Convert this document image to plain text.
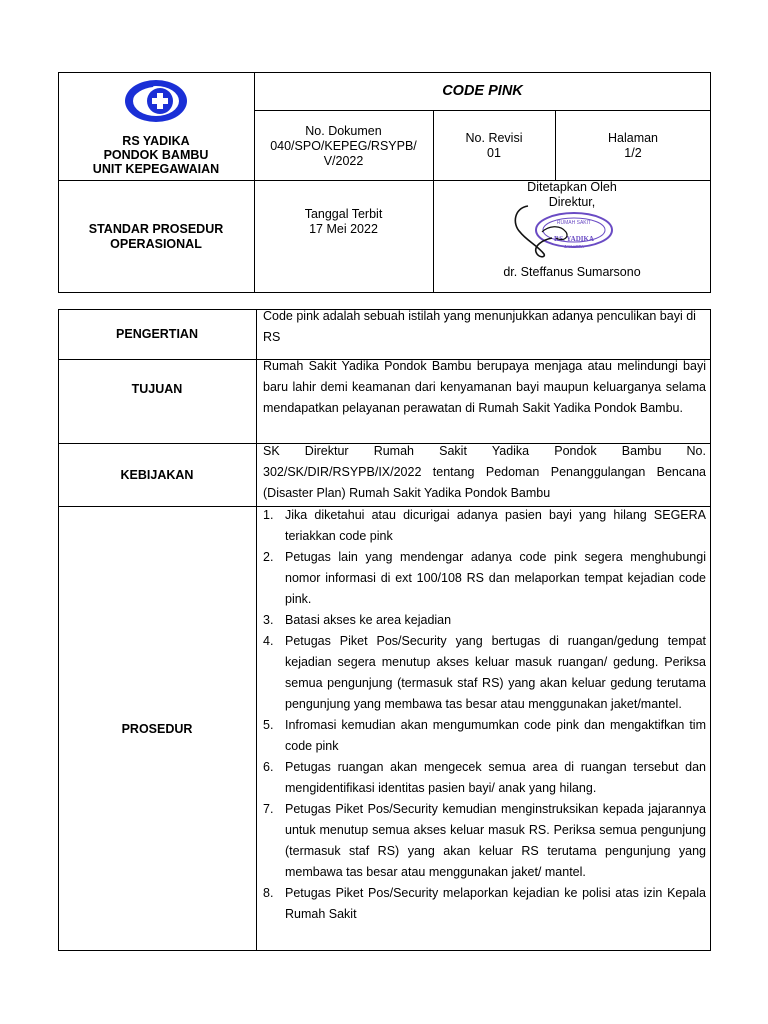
RS YADIKA
PONDOK BAMBU
UNIT KEPEGAWAIAN
CODE PINK
No. Dokumen
040/SPO/KEPEG/RSYPB/
V/2022
No. Revisi
01
Halaman
1/2
STANDAR PROSEDUR
OPERASIONAL
Tanggal Terbit
17 Mei 2022
Ditetapkan Oleh
Direktur,
RUMAH SAKIT
RS. YADIKA
JAKARTA
dr. Steffanus Sumarsono
PENGERTIAN
Code pink adalah sebuah istilah yang menunjukkan adanya penculikan bayi di RS
TUJUAN
Rumah Sakit Yadika Pondok Bambu berupaya menjaga atau melindungi bayi baru lahir demi keamanan dari kenyamanan bayi maupun keluarganya selama mendapatkan pelayanan perawatan di Rumah Sakit Yadika Pondok Bambu.
KEBIJAKAN
SK Direktur Rumah Sakit Yadika Pondok Bambu No. 302/SK/DIR/RSYPB/IX/2022 tentang Pedoman Penanggulangan Bencana (Disaster Plan) Rumah Sakit Yadika Pondok Bambu
PROSEDUR
1. Jika diketahui atau dicurigai adanya pasien bayi yang hilang SEGERA teriakkan code pink
2. Petugas lain yang mendengar adanya code pink segera menghubungi nomor informasi di ext 100/108 RS dan melaporkan tempat kejadian code pink.
3. Batasi akses ke area kejadian
4. Petugas Piket Pos/Security yang bertugas di ruangan/gedung tempat kejadian segera menutup akses keluar masuk ruangan/ gedung. Periksa semua pengunjung (termasuk staf RS) yang akan keluar gedung terutama pengunjung yang membawa tas besar atau menggunakan jaket/mantel.
5. Infromasi kemudian akan mengumumkan code pink dan mengaktifkan tim code pink
6. Petugas ruangan akan mengecek semua area di ruangan tersebut dan mengidentifikasi identitas pasien bayi/ anak yang hilang.
7. Petugas Piket Pos/Security kemudian menginstruksikan kepada jajarannya untuk menutup semua akses keluar masuk RS. Periksa semua pengunjung (termasuk staf RS) yang akan keluar RS terutama pengunjung yang membawa tas besar atau menggunakan jaket/ mantel.
8. Petugas Piket Pos/Security melaporkan kejadian ke polisi atas izin Kepala Rumah Sakit
